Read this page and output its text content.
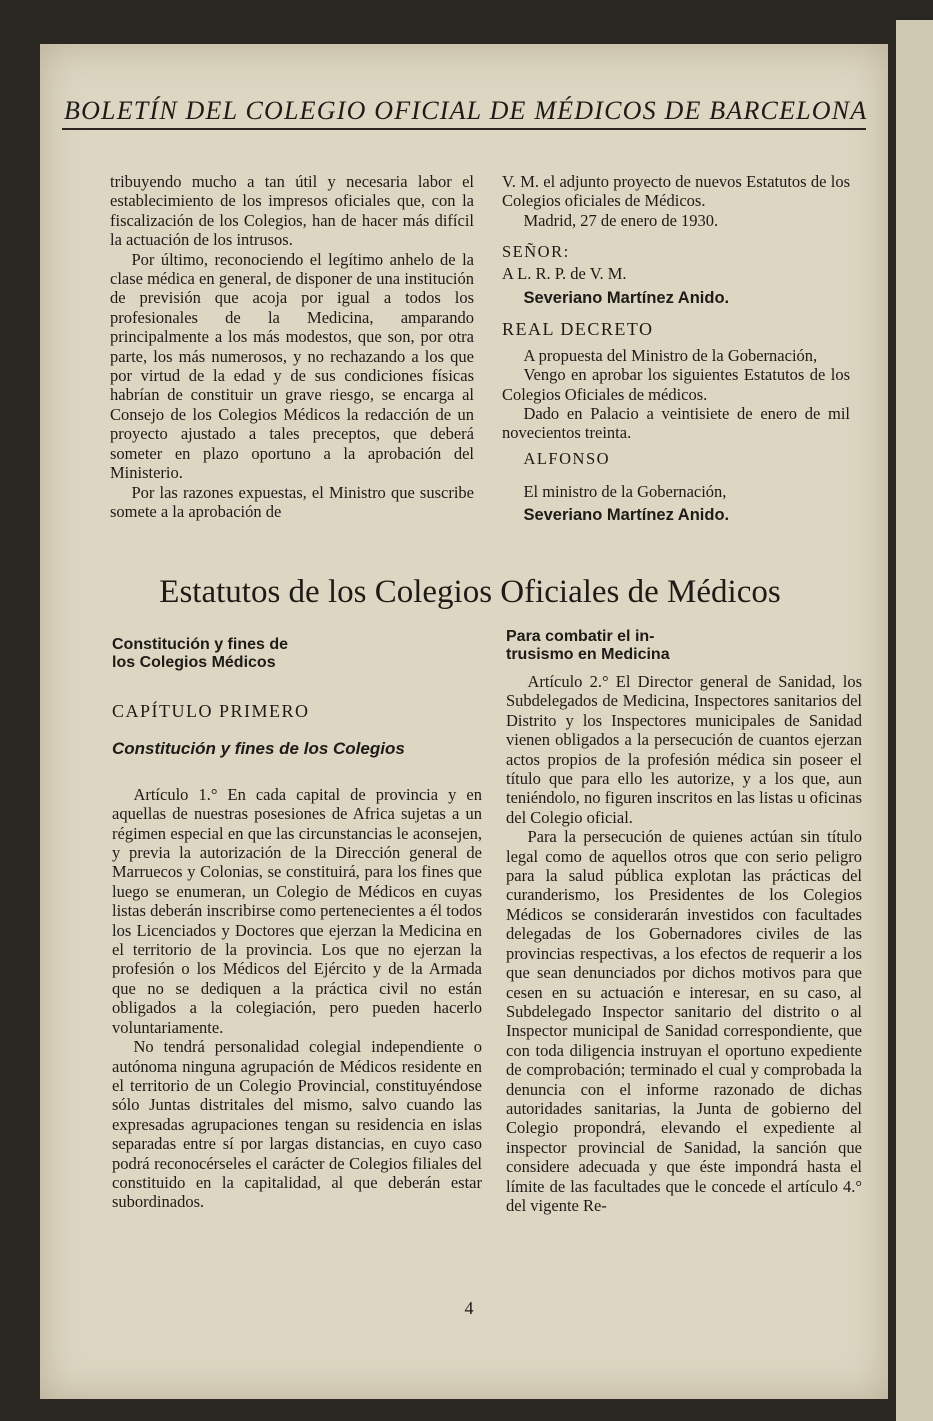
BOLETÍN DEL COLEGIO OFICIAL DE MÉDICOS DE BARCELONA

tribuyendo mucho a tan útil y necesaria labor el establecimiento de los impresos oficiales que, con la fiscalización de los Colegios, han de hacer más difícil la actuación de los intrusos.

Por último, reconociendo el legítimo anhelo de la clase médica en general, de disponer de una institución de previsión que acoja por igual a todos los profesionales de la Medicina, amparando principalmente a los más modestos, que son, por otra parte, los más numerosos, y no rechazando a los que por virtud de la edad y de sus condiciones físicas habrían de constituir un grave riesgo, se encarga al Consejo de los Colegios Médicos la redacción de un proyecto ajustado a tales preceptos, que deberá someter en plazo oportuno a la aprobación del Ministerio.

Por las razones expuestas, el Ministro que suscribe somete a la aprobación de

V. M. el adjunto proyecto de nuevos Estatutos de los Colegios oficiales de Médicos.

Madrid, 27 de enero de 1930.

SEÑOR:

A L. R. P. de V. M.

Severiano Martínez Anido.

REAL DECRETO

A propuesta del Ministro de la Gobernación,

Vengo en aprobar los siguientes Estatutos de los Colegios Oficiales de médicos.

Dado en Palacio a veintisiete de enero de mil novecientos treinta.

ALFONSO

El ministro de la Gobernación,

Severiano Martínez Anido.

Estatutos de los Colegios Oficiales de Médicos

Constitución y fines de

los Colegios Médicos

CAPÍTULO PRIMERO

Constitución y fines de los Colegios

Artículo 1.° En cada capital de provincia y en aquellas de nuestras posesiones de Africa sujetas a un régimen especial en que las circunstancias le aconsejen, y previa la autorización de la Dirección general de Marruecos y Colonias, se constituirá, para los fines que luego se enumeran, un Colegio de Médicos en cuyas listas deberán inscribirse como pertenecientes a él todos los Licenciados y Doctores que ejerzan la Medicina en el territorio de la provincia. Los que no ejerzan la profesión o los Médicos del Ejército y de la Armada que no se dediquen a la práctica civil no están obligados a la colegiación, pero pueden hacerlo voluntariamente.

No tendrá personalidad colegial independiente o autónoma ninguna agrupación de Médicos residente en el territorio de un Colegio Provincial, constituyéndose sólo Juntas distritales del mismo, salvo cuando las expresadas agrupaciones tengan su residencia en islas separadas entre sí por largas distancias, en cuyo caso podrá reconocérseles el carácter de Colegios filiales del constituido en la capitalidad, al que deberán estar subordinados.

Para combatir el in-

trusismo en Medicina

Artículo 2.° El Director general de Sanidad, los Subdelegados de Medicina, Inspectores sanitarios del Distrito y los Inspectores municipales de Sanidad vienen obligados a la persecución de cuantos ejerzan actos propios de la profesión médica sin poseer el título que para ello les autorize, y a los que, aun teniéndolo, no figuren inscritos en las listas u oficinas del Colegio oficial.

Para la persecución de quienes actúan sin título legal como de aquellos otros que con serio peligro para la salud pública explotan las prácticas del curanderismo, los Presidentes de los Colegios Médicos se considerarán investidos con facultades delegadas de los Gobernadores civiles de las provincias respectivas, a los efectos de requerir a los que sean denunciados por dichos motivos para que cesen en su actuación e interesar, en su caso, al Subdelegado Inspector sanitario del distrito o al Inspector municipal de Sanidad correspondiente, que con toda diligencia instruyan el oportuno expediente de comprobación; terminado el cual y comprobada la denuncia con el informe razonado de dichas autoridades sanitarias, la Junta de gobierno del Colegio propondrá, elevando el expediente al inspector provincial de Sanidad, la sanción que considere adecuada y que éste impondrá hasta el límite de las facultades que le concede el artículo 4.° del vigente Re-

4
